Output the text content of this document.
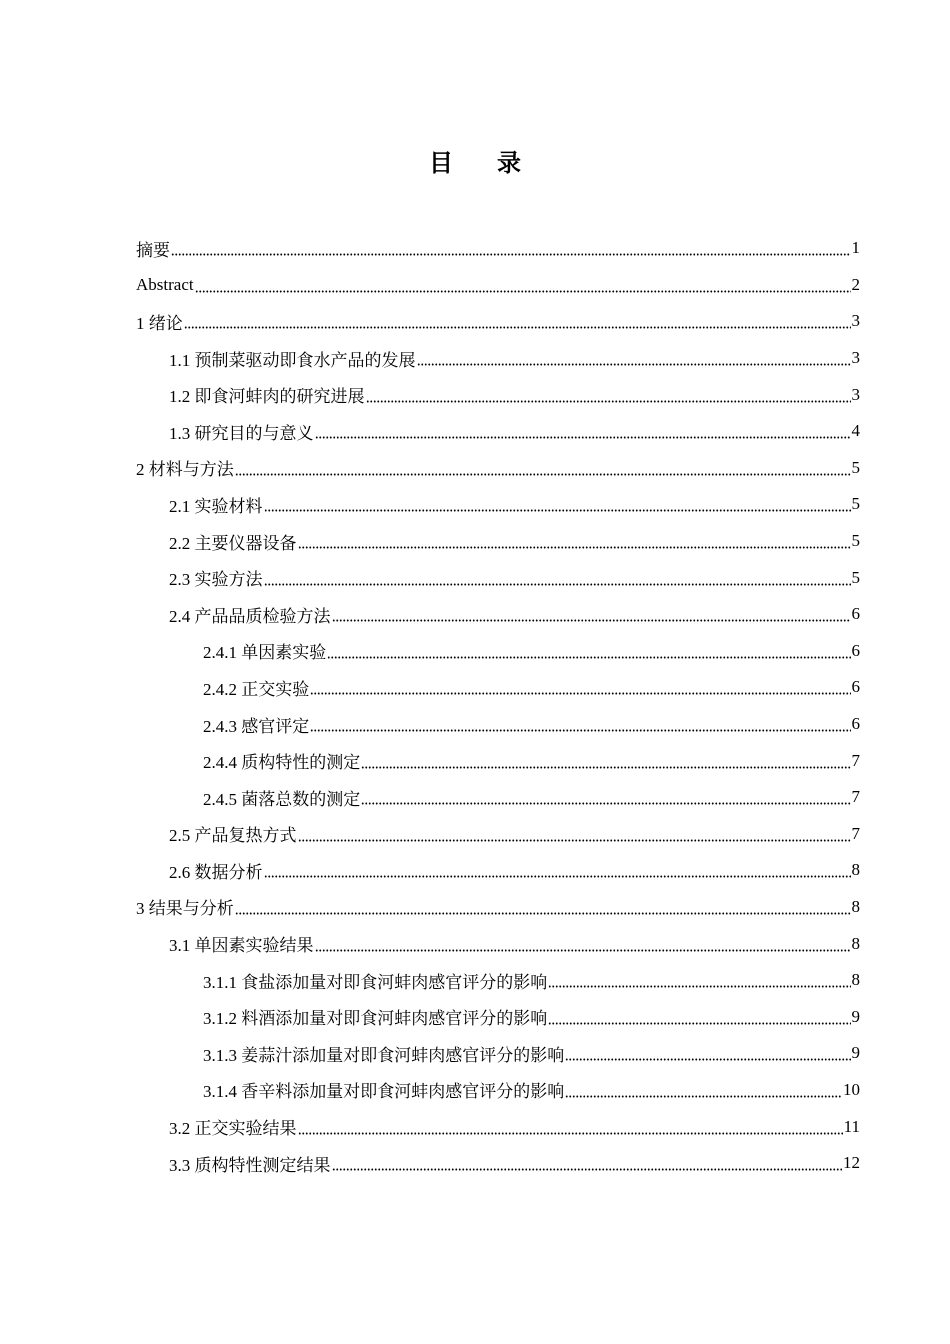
目录
摘要	1
Abstract	2
1 绪论	3
1.1 预制菜驱动即食水产品的发展	3
1.2 即食河蚌肉的研究进展	3
1.3 研究目的与意义	4
2 材料与方法	5
2.1 实验材料	5
2.2 主要仪器设备	5
2.3 实验方法	5
2.4 产品品质检验方法	6
2.4.1 单因素实验	6
2.4.2 正交实验	6
2.4.3 感官评定	6
2.4.4 质构特性的测定	7
2.4.5 菌落总数的测定	7
2.5 产品复热方式	7
2.6 数据分析	8
3 结果与分析	8
3.1 单因素实验结果	8
3.1.1 食盐添加量对即食河蚌肉感官评分的影响	8
3.1.2 料酒添加量对即食河蚌肉感官评分的影响	9
3.1.3 姜蒜汁添加量对即食河蚌肉感官评分的影响	9
3.1.4 香辛料添加量对即食河蚌肉感官评分的影响	10
3.2 正交实验结果	11
3.3 质构特性测定结果	12
